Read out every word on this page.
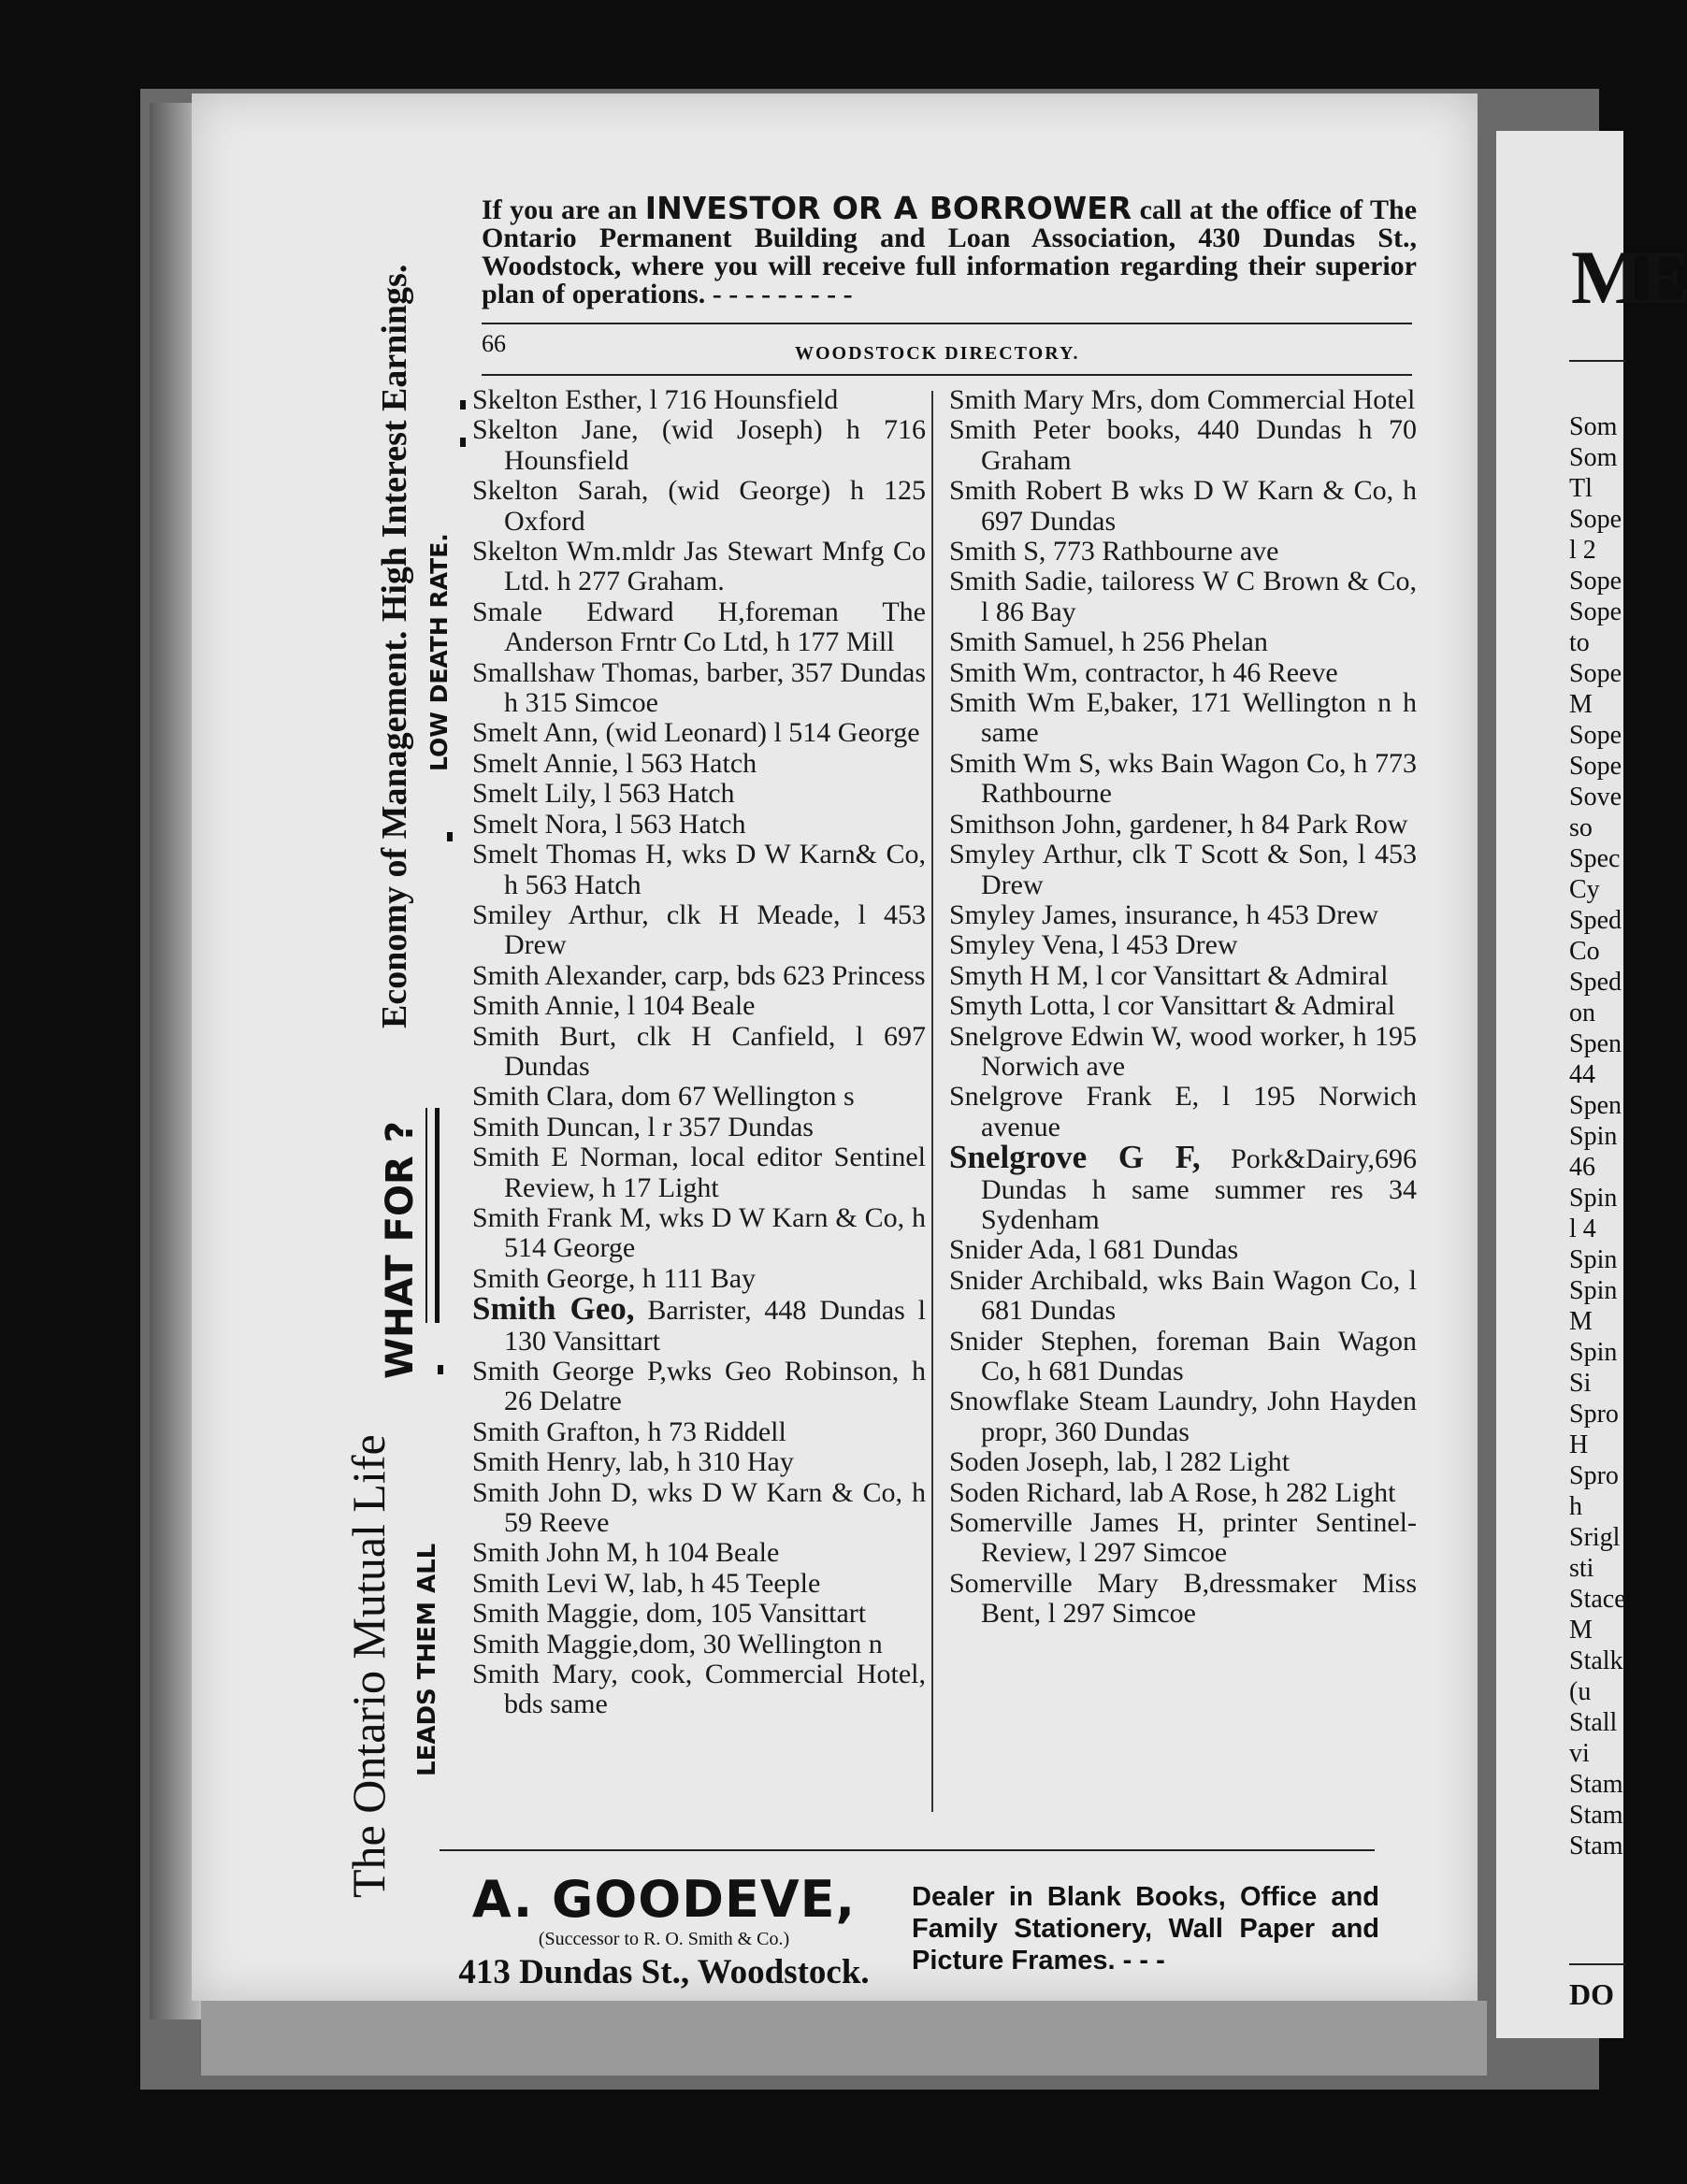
ME
Som
Som
Tl
Sope
l 2
Sope
Sope
to
Sope
M
Sope
Sope
Sove
so
Spec
Cy
Sped
Co
Sped
on
Spen
44
Spen
Spin
46
Spin
l 4
Spin
Spin
M
Spin
Si
Spro
H
Spro
h
Srigl
sti
Stace
M
Stalk
(u
Stall
vi
Stam
Stam
Stam
DO
If you are an INVESTOR OR A BORROWER call at the office of The Ontario Permanent Building and Loan Association, 430 Dundas St., Woodstock, where you will receive full information regarding their superior plan of operations. - - - - - - - - -
66	WOODSTOCK DIRECTORY.
Skelton Esther, l 716 Hounsfield
Skelton Jane, (wid Joseph) h 716 Hounsfield
Skelton Sarah, (wid George) h 125 Oxford
Skelton Wm.mldr Jas Stewart Mnfg Co Ltd. h 277 Graham.
Smale Edward H,foreman The Anderson Frntr Co Ltd, h 177 Mill
Smallshaw Thomas, barber, 357 Dundas h 315 Simcoe
Smelt Ann, (wid Leonard) l 514 George
Smelt Annie, l 563 Hatch
Smelt Lily, l 563 Hatch
Smelt Nora, l 563 Hatch
Smelt Thomas H, wks D W Karn& Co, h 563 Hatch
Smiley Arthur, clk H Meade, l 453 Drew
Smith Alexander, carp, bds 623 Princess
Smith Annie, l 104 Beale
Smith Burt, clk H Canfield, l 697 Dundas
Smith Clara, dom 67 Wellington s
Smith Duncan, l r 357 Dundas
Smith E Norman, local editor Sentinel Review, h 17 Light
Smith Frank M, wks D W Karn & Co, h 514 George
Smith George, h 111 Bay
Smith Geo, Barrister, 448 Dundas l 130 Vansittart
Smith George P,wks Geo Robinson, h 26 Delatre
Smith Grafton, h 73 Riddell
Smith Henry, lab, h 310 Hay
Smith John D, wks D W Karn & Co, h 59 Reeve
Smith John M, h 104 Beale
Smith Levi W, lab, h 45 Teeple
Smith Maggie, dom, 105 Vansittart
Smith Maggie,dom, 30 Wellington n
Smith Mary, cook, Commercial Hotel, bds same
Smith Mary Mrs, dom Commercial Hotel
Smith Peter books, 440 Dundas h 70 Graham
Smith Robert B wks D W Karn & Co, h 697 Dundas
Smith S, 773 Rathbourne ave
Smith Sadie, tailoress W C Brown & Co, l 86 Bay
Smith Samuel, h 256 Phelan
Smith Wm, contractor, h 46 Reeve
Smith Wm E,baker, 171 Wellington n h same
Smith Wm S, wks Bain Wagon Co, h 773 Rathbourne
Smithson John, gardener, h 84 Park Row
Smyley Arthur, clk T Scott & Son, l 453 Drew
Smyley James, insurance, h 453 Drew
Smyley Vena, l 453 Drew
Smyth H M, l cor Vansittart & Admiral
Smyth Lotta, l cor Vansittart & Admiral
Snelgrove Edwin W, wood worker, h 195 Norwich ave
Snelgrove Frank E, l 195 Norwich avenue
Snelgrove G F, Pork&Dairy,696 Dundas h same summer res 34 Sydenham
Snider Ada, l 681 Dundas
Snider Archibald, wks Bain Wagon Co, l 681 Dundas
Snider Stephen, foreman Bain Wagon Co, h 681 Dundas
Snowflake Steam Laundry, John Hayden propr, 360 Dundas
Soden Joseph, lab, l 282 Light
Soden Richard, lab A Rose, h 282 Light
Somerville James H, printer Sentinel-Review, l 297 Simcoe
Somerville Mary B,dressmaker Miss Bent, l 297 Simcoe
A. GOODEVE,
(Successor to R. O. Smith & Co.)
413 Dundas St., Woodstock.
Dealer in Blank Books, Office and Family Stationery, Wall Paper and Picture Frames. - - -
The Ontario Mutual Life LEADS THEM ALL
WHAT FOR ?
Economy of Management. High Interest Earnings. LOW DEATH RATE.
